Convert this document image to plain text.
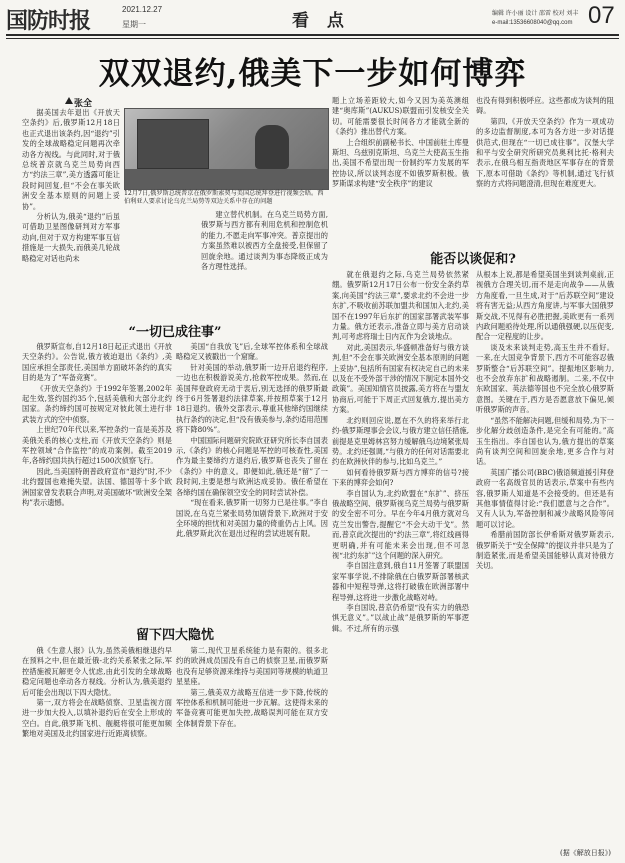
国防时报	2021.12.27
星期一	看 点	编辑 许小丽 设计 邵雷 校对 刘丰
e-mail:13536608040@qq.com 07
双双退约,俄美下一步如何博弈
张全
12月7日,俄罗斯总统普京在俄罗斯索契与美国总统拜登进行视频会晤。西伯利亚人要求讨论乌克兰局势等双边关系中存在的问题

据美国去年退出《开放天空条约》后,俄罗斯12月18日也正式退出该条约,因“退约”引发的全球战略稳定问题再次牵动各方视线。与此同时,对于俄总统普京就乌克兰局势向西方“约法三章”,美方透露可能让段时间回复,但“不会在事关欧洲安全基本原则的问题上妥协”。

分析认为,俄美“退约”后虽可借助卫星图像研判对方军事动向,但对于双方构建军事互信措施是一大损失,而俄美几轮战略稳定对话也尚未

建立替代机制。在乌克兰局势方面,俄罗斯与西方都有利用危机和控制危机的能力,不愿走向军事冲突。普京提出的方案虽然难以被西方全盘接受,但保留了回旋余地。通过谈判为事态降级正成为各方理性选择。

“一切已成往事”

俄罗斯宣布,自12月18日起正式退出《开放天空条约》。公告说,俄方被迫退出《条约》,美国应承担全部责任,美国单方面破坏条约的真实目的是为了“军备竞赛”。

《开放天空条约》于1992年签署,2002年起生效,签约国约35个,包括美俄和大部分北约国家。条约缔约国可按规定对彼此领土进行非武装方式的空中侦察。

上世纪70年代以来,军控条约一直是美苏及美俄关系的核心支柱,而《开放天空条约》则是军控领域“合作监控”的成功案例。截至2019年,各缔约国共执行超过1500次侦察飞行。

因此,当美国特朗普政府宣布“退约”时,不少北约盟国也难掩失望。法国、德国等十多个欧洲国家曾发表联合声明,对美国破坏“欧洲安全架构”表示遗憾。

美国“自我放飞”后,全球军控体系和全球战略稳定又被戳出一个窟窿。

针对美国的举动,俄罗斯一边开启退约程序,一边也在积极游说美方,抢救军控成果。然而,在美国拜登政府无动于衷后,别无选择的俄罗斯最终于6月签署退约法律草案,并按照草案于12月18日退约。俄外交部表示,尊重其他缔约国继续执行条约的决定,但“没有俄美参与,条约适用范围将下降80%”。

中国国际问题研究院欧亚研究所长李自国表示,《条约》的核心问题是军控的可核查性,美国作为最主要缔约方退约后,俄罗斯也丧失了留在《条约》中的意义。即便如此,俄还是“留”了一段时间,主要是想与欧洲达成妥协。俄任希望在各缔约国在确保领空安全的同时尝试补偿。

“现在看来,俄罗斯一切努力已是往事。”李自国说,在乌克兰紧张局势加剧背景下,欧洲对于安全环境的担忧和对美国力量的倚重仍占上风。因此,俄罗斯此次在退出过程的尝试进展有限。

留下四大隐忧

俄《生意人报》认为,虽然美俄相继退约早在预料之中,但在最近俄-北约关系紧张之际,军控措施被瓦解更令人忧虑,由此引发的全球战略稳定问题也牵动各方视线。分析认为,俄美退约后可能会出现以下四大隐忧。

第一,双方将会在战略侦察、卫星监视方面进一步加大投入,以填补退约后在安全上形成的空白。自此,俄罗斯飞机、舰艇将很可能更加频繁地对美国及北约国家进行近距离侦察。

第二,现代卫星系统能力是有限的。很多北约的欧洲成员国没有自己的侦察卫星,而俄罗斯也没有足够资源来维持与美国同等规模的轨道卫星星座。

第三,俄美双方战略互信进一步下降,传统的军控体系和机制可能进一步瓦解。这使得未来的军备竞赛可能更加失控,战略误判可能在双方安全体制背景下存在。

题上立场差距较大,如今又因为美英澳组建“奥库斯”(AUKUS)联盟而引发核安全关切。可能需要很长时间各方才能就全新的《条约》推出替代方案。

上合组织前副秘书长、中国前驻土库曼斯坦、乌兹别克斯坦、乌克兰大使高玉生指出,美国不希望出现一份制约军力发展的军控协议,所以谈判态度不如俄罗斯积极。俄罗斯谋求构建“安全秩序”的建议

也没有得到积极呼应。这些都成为谈判的阻碍。

第四,《开放天空条约》作为一项成功的多边监督制度,本可为各方进一步对话提供范式,但现在“一切已成往事”。汉堡大学和平与安全研究所研究员奥利比托·格利夫表示,在俄乌相互指责地区军事存在的背景下,原本可借助《条约》等机制,通过飞行侦察的方式将问题澄清,但现在难度更大。

能否以谈促和?

就在俄退约之际,乌克兰局势依然紧绷。俄罗斯12月17日公布一份安全条约草案,向美国“约法三章”,要求北约不会进一步东扩,不吸收前苏联加盟共和国加入北约,美国不在1997年后东扩的国家部署武装军事力量。俄方还表示,准备立即与美方启动谈判,可考虑将瑞士日内瓦作为会谈地点。

对此,美国表示,华盛顿准备好与俄方谈判,但“不会在事关欧洲安全基本原则的问题上妥协”,包括所有国家有权决定自己的未来以及在不受外部干涉的情况下制定本国外交政策”。美国知情官员披露,美方将在与盟友协商后,可能于下周正式回复俄方,提出美方方案。

北约则回应说,愿在不久的将来举行北约-俄罗斯理事会会议,与俄方建立信任措施,前提是克里姆林宫努力缓解俄乌边境紧张局势。北约还强调,“与俄方的任何对话需要北约在欧洲伙伴的参与,比如乌克兰。”

如何看待俄罗斯与西方博弈的信号?接下来的博弈会如何?

李自国认为,北约欧盟在“东扩”、挤压俄战略空间、俄罗斯视乌克兰局势与俄罗斯的安全密不可分。早在今年4月俄方就对乌克兰发出警告,提醒它“不会大动干戈”。然而,普京此次提出的“约法三章”,将红线画得更明确,并有可能未来会出现,但不可忽视“北约东扩”这个问题的深入研究。

李自国注意到,俄自11月签署了联盟国家军事学说,不排除俄在白俄罗斯部署核武器和中短程导弹,这将打破俄在欧洲部署中程导弹,这将进一步激化战略对峙。

李自国说,普京仍希望“没有实力的俄恐惧无意义”。”以战止战”是俄罗斯的军事逻辑。不过,所有的示强

从根本上说,都是希望美国坐到谈判桌前,正视俄方合理关切,而不是走向战争——从俄方角度看,一旦生成,对于“后苏联空间”建设将有害无益;从西方角度讲,与军事大国俄罗斯交战,不见得有必胜把握,美欧更有一系列内政问题亟待处理,所以通俄强硬,以压促变,配合一定程度的让步。

谈及未来谈判走势,高玉生并不看好。一来,在大国竞争背景下,西方不可能容忍俄罗斯整合“后苏联空间”。提振地区影响力,也不会放弃东扩和战略遏制。二来,不仅中东欧国家、英法德等国也不完全放心俄罗斯意图。关键在于,西方是否愿意放下偏见,倾听俄罗斯的声音。

“虽然不能解决问题,但缓和局势,为下一步化解分歧创造条件,是完全有可能的。”高玉生指出。李自国也认为,俄方提出的草案尚有谈判空间和回旋余地,更多合作与对话。

英国广播公司(BBC)俄语频道援引拜登政府一名高级官员的话表示,草案中有些内容,俄罗斯人知道是不会接受的。但还是有其他事情值得讨论:“我们愿意与之合作”。又有人认为,军备控制和减少战略风险等问题可以讨论。

希腊前国防部长伊希斯对俄罗斯表示,俄罗斯关于“安全保障”的提议并非只是为了制造紧张,而是希望美国能够认真对待俄方关切。

(据《解放日报》)
